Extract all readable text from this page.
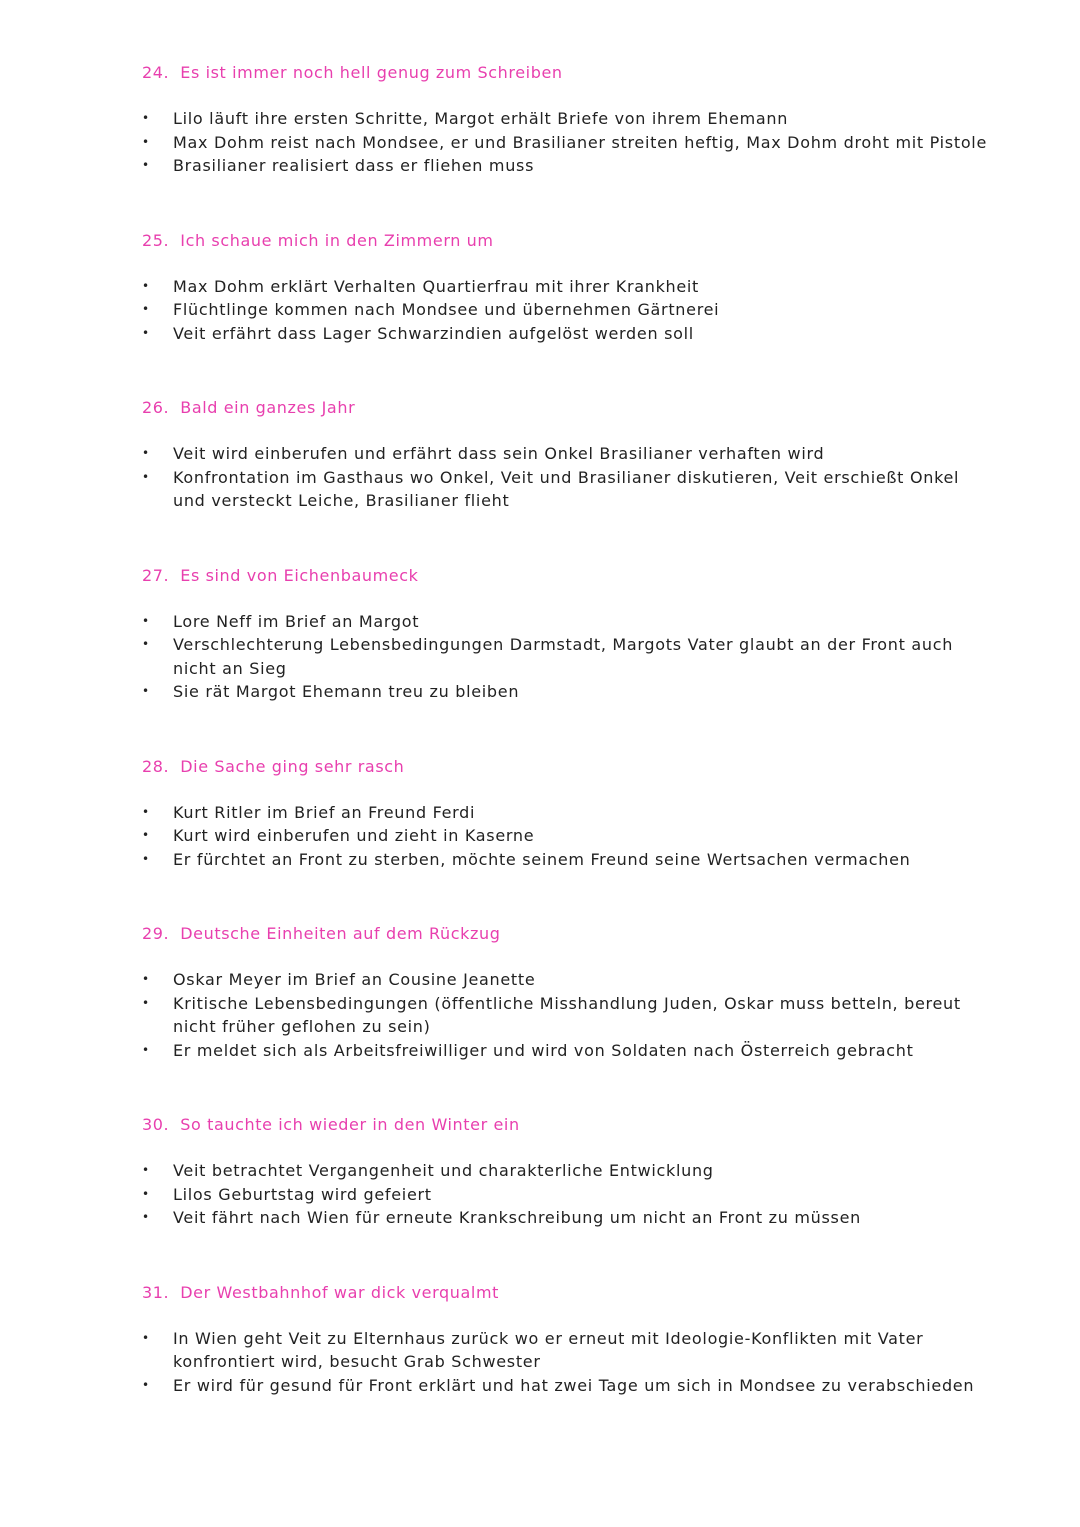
24. Es ist immer noch hell genug zum Schreiben
• Lilo läuft ihre ersten Schritte, Margot erhält Briefe von ihrem Ehemann
• Max Dohm reist nach Mondsee, er und Brasilianer streiten heftig, Max Dohm droht mit Pistole
• Brasilianer realisiert dass er fliehen muss
25. Ich schaue mich in den Zimmern um
• Max Dohm erklärt Verhalten Quartierfrau mit ihrer Krankheit
• Flüchtlinge kommen nach Mondsee und übernehmen Gärtnerei
• Veit erfährt dass Lager Schwarzindien aufgelöst werden soll
26. Bald ein ganzes Jahr
• Veit wird einberufen und erfährt dass sein Onkel Brasilianer verhaften wird
• Konfrontation im Gasthaus wo Onkel, Veit und Brasilianer diskutieren, Veit erschießt Onkel und versteckt Leiche, Brasilianer flieht
27. Es sind von Eichenbaumeck
• Lore Neff im Brief an Margot
• Verschlechterung Lebensbedingungen Darmstadt, Margots Vater glaubt an der Front auch nicht an Sieg
• Sie rät Margot Ehemann treu zu bleiben
28. Die Sache ging sehr rasch
• Kurt Ritler im Brief an Freund Ferdi
• Kurt wird einberufen und zieht in Kaserne
• Er fürchtet an Front zu sterben, möchte seinem Freund seine Wertsachen vermachen
29. Deutsche Einheiten auf dem Rückzug
• Oskar Meyer im Brief an Cousine Jeanette
• Kritische Lebensbedingungen (öffentliche Misshandlung Juden, Oskar muss betteln, bereut nicht früher geflohen zu sein)
• Er meldet sich als Arbeitsfreiwilliger und wird von Soldaten nach Österreich gebracht
30. So tauchte ich wieder in den Winter ein
• Veit betrachtet Vergangenheit und charakterliche Entwicklung
• Lilos Geburtstag wird gefeiert
• Veit fährt nach Wien für erneute Krankschreibung um nicht an Front zu müssen
31. Der Westbahnhof war dick verqualmt
• In Wien geht Veit zu Elternhaus zurück wo er erneut mit Ideologie-Konflikten mit Vater konfrontiert wird, besucht Grab Schwester
• Er wird für gesund für Front erklärt und hat zwei Tage um sich in Mondsee zu verabschieden
